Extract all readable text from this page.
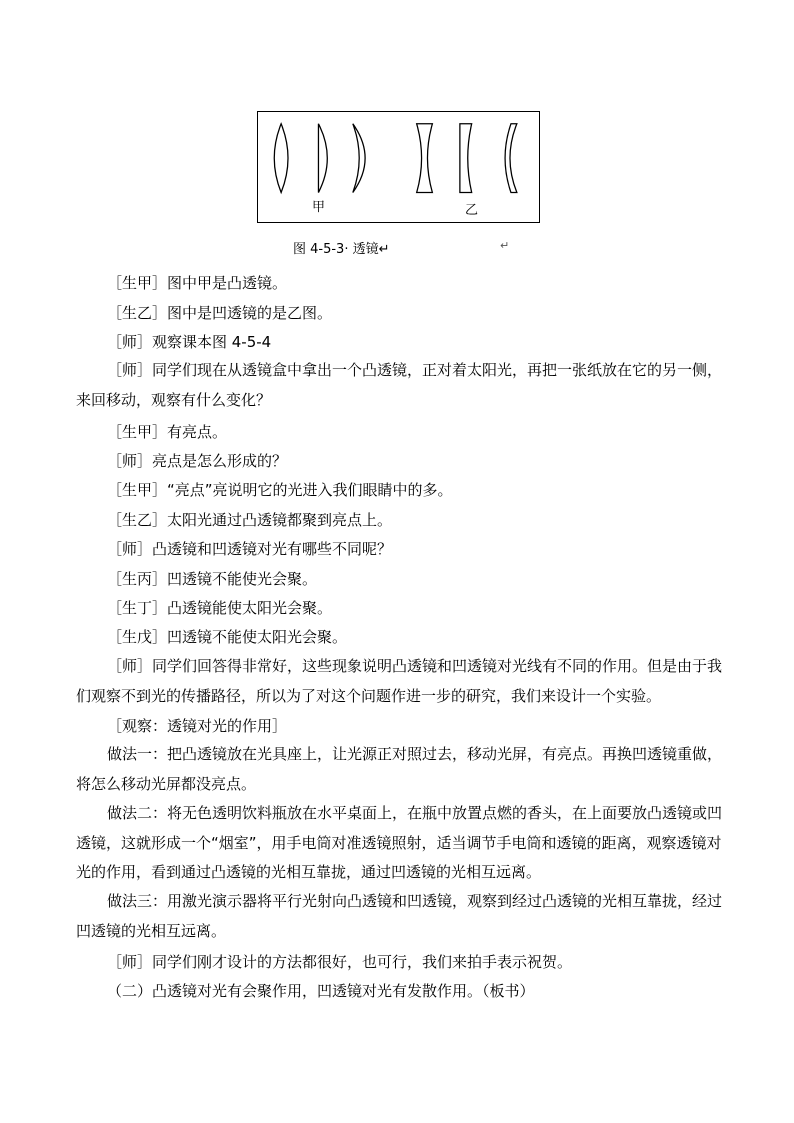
甲	乙
图 4-5-3· 透镜↵	↵
［生甲］图中甲是凸透镜。
［生乙］图中是凹透镜的是乙图。
［师］观察课本图 4-5-4
［师］同学们现在从透镜盒中拿出一个凸透镜，正对着太阳光，再把一张纸放在它的另一侧，来回移动，观察有什么变化？
［生甲］有亮点。
［师］亮点是怎么形成的？
［生甲］“亮点”亮说明它的光进入我们眼睛中的多。
［生乙］太阳光通过凸透镜都聚到亮点上。
［师］凸透镜和凹透镜对光有哪些不同呢？
［生丙］凹透镜不能使光会聚。
［生丁］凸透镜能使太阳光会聚。
［生戊］凹透镜不能使太阳光会聚。
［师］同学们回答得非常好，这些现象说明凸透镜和凹透镜对光线有不同的作用。但是由于我们观察不到光的传播路径，所以为了对这个问题作进一步的研究，我们来设计一个实验。
［观察：透镜对光的作用］
做法一：把凸透镜放在光具座上，让光源正对照过去，移动光屏，有亮点。再换凹透镜重做，将怎么移动光屏都没亮点。
做法二：将无色透明饮料瓶放在水平桌面上，在瓶中放置点燃的香头，在上面要放凸透镜或凹透镜，这就形成一个“烟室”，用手电筒对准透镜照射，适当调节手电筒和透镜的距离，观察透镜对光的作用，看到通过凸透镜的光相互靠拢，通过凹透镜的光相互远离。
做法三：用激光演示器将平行光射向凸透镜和凹透镜，观察到经过凸透镜的光相互靠拢，经过凹透镜的光相互远离。
［师］同学们刚才设计的方法都很好，也可行，我们来拍手表示祝贺。
（二）凸透镜对光有会聚作用，凹透镜对光有发散作用。（板书）
